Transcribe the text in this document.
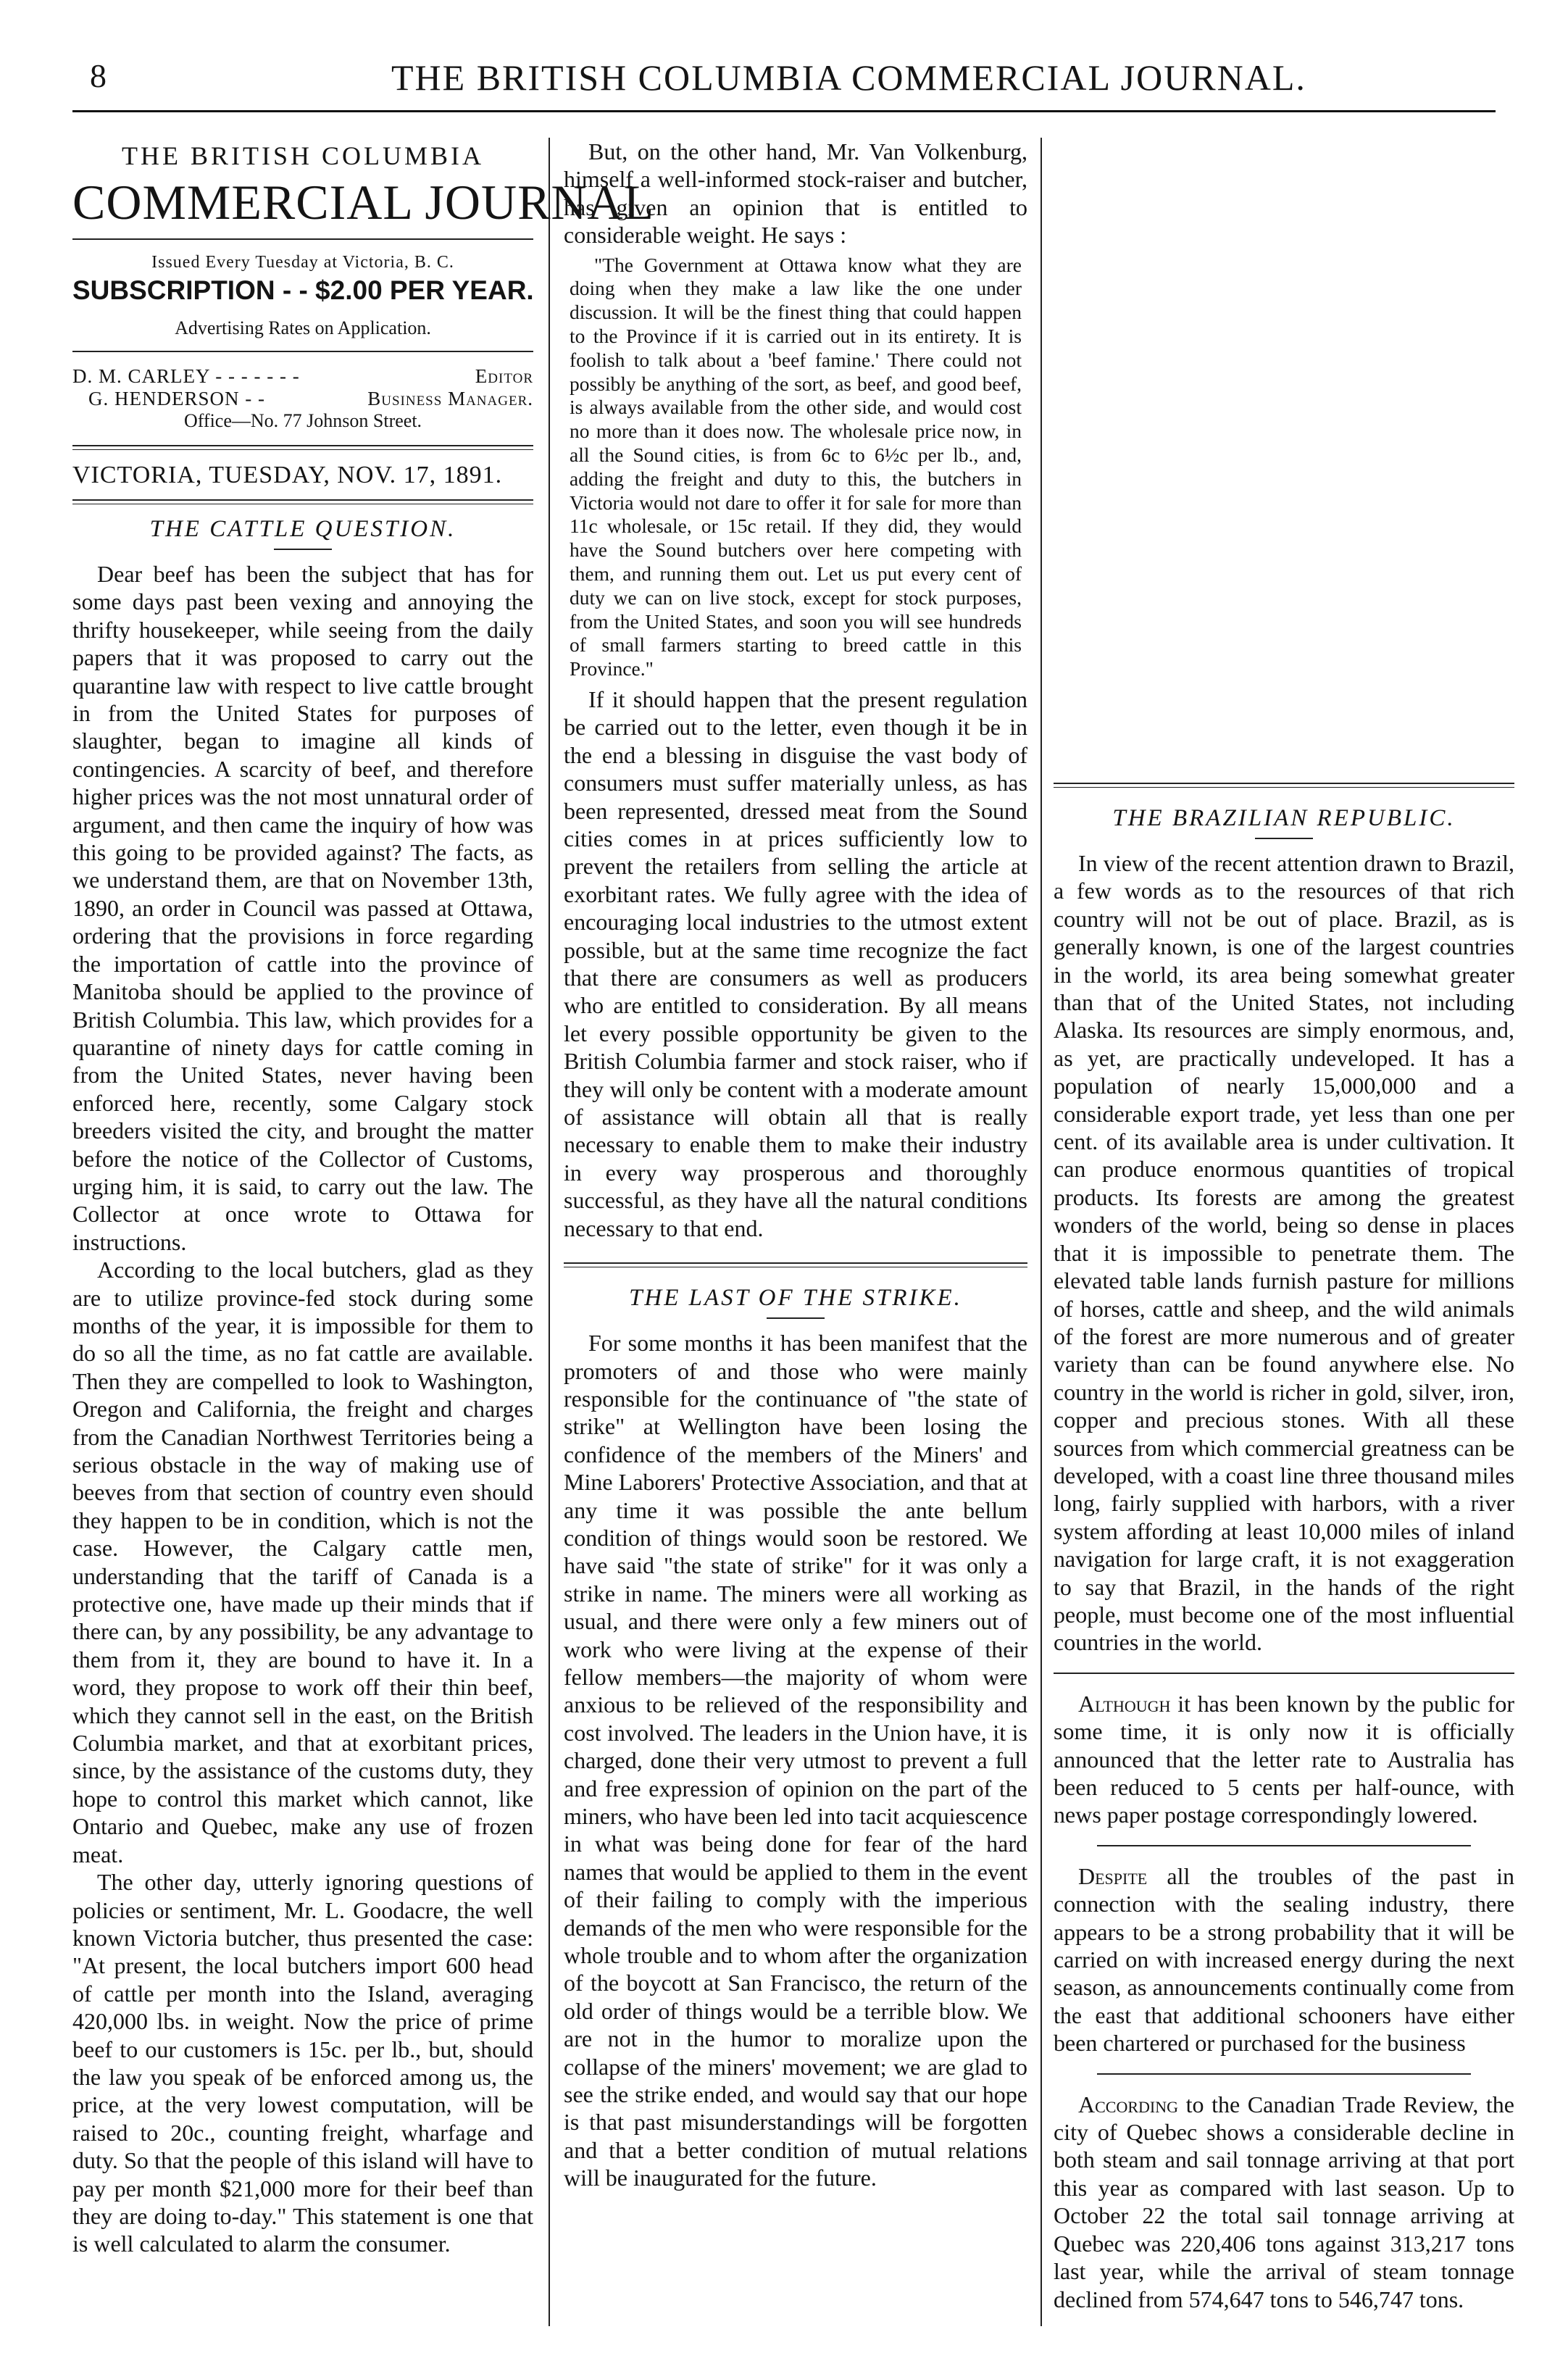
8	THE BRITISH COLUMBIA COMMERCIAL JOURNAL.

THE BRITISH COLUMBIA

COMMERCIAL JOURNAL

Issued Every Tuesday at Victoria, B. C.

SUBSCRIPTION - - $2.00 PER YEAR.

Advertising Rates on Application.

D. M. CARLEY - - - - - - -	Editor

G. HENDERSON - -	Business Manager.

Office—No. 77 Johnson Street.

VICTORIA, TUESDAY, NOV. 17, 1891.

THE CATTLE QUESTION.

Dear beef has been the subject that has for some days past been vexing and annoying the thrifty housekeeper, while seeing from the daily papers that it was proposed to carry out the quarantine law with respect to live cattle brought in from the United States for purposes of slaughter, began to imagine all kinds of contingencies. A scarcity of beef, and therefore higher prices was the not most unnatural order of argument, and then came the inquiry of how was this going to be provided against? The facts, as we understand them, are that on November 13th, 1890, an order in Council was passed at Ottawa, ordering that the provisions in force regarding the importation of cattle into the province of Manitoba should be applied to the province of British Columbia. This law, which provides for a quarantine of ninety days for cattle coming in from the United States, never having been enforced here, recently, some Calgary stock breeders visited the city, and brought the matter before the notice of the Collector of Customs, urging him, it is said, to carry out the law. The Collector at once wrote to Ottawa for instructions.

According to the local butchers, glad as they are to utilize province-fed stock during some months of the year, it is impossible for them to do so all the time, as no fat cattle are available. Then they are compelled to look to Washington, Oregon and California, the freight and charges from the Canadian Northwest Territories being a serious obstacle in the way of making use of beeves from that section of country even should they happen to be in condition, which is not the case. However, the Calgary cattle men, understanding that the tariff of Canada is a protective one, have made up their minds that if there can, by any possibility, be any advantage to them from it, they are bound to have it. In a word, they propose to work off their thin beef, which they cannot sell in the east, on the British Columbia market, and that at exorbitant prices, since, by the assistance of the customs duty, they hope to control this market which cannot, like Ontario and Quebec, make any use of frozen meat.

The other day, utterly ignoring questions of policies or sentiment, Mr. L. Goodacre, the well known Victoria butcher, thus presented the case: "At present, the local butchers import 600 head of cattle per month into the Island, averaging 420,000 lbs. in weight. Now the price of prime beef to our customers is 15c. per lb., but, should the law you speak of be enforced among us, the price, at the very lowest computation, will be raised to 20c., counting freight, wharfage and duty. So that the people of this island will have to pay per month $21,000 more for their beef than they are doing to-day." This statement is one that is well calculated to alarm the consumer.

But, on the other hand, Mr. Van Volkenburg, himself a well-informed stock-raiser and butcher, has given an opinion that is entitled to considerable weight. He says :

"The Government at Ottawa know what they are doing when they make a law like the one under discussion. It will be the finest thing that could happen to the Province if it is carried out in its entirety. It is foolish to talk about a 'beef famine.' There could not possibly be anything of the sort, as beef, and good beef, is always available from the other side, and would cost no more than it does now. The wholesale price now, in all the Sound cities, is from 6c to 6½c per lb., and, adding the freight and duty to this, the butchers in Victoria would not dare to offer it for sale for more than 11c wholesale, or 15c retail. If they did, they would have the Sound butchers over here competing with them, and running them out. Let us put every cent of duty we can on live stock, except for stock purposes, from the United States, and soon you will see hundreds of small farmers starting to breed cattle in this Province."

If it should happen that the present regulation be carried out to the letter, even though it be in the end a blessing in disguise the vast body of consumers must suffer materially unless, as has been represented, dressed meat from the Sound cities comes in at prices sufficiently low to prevent the retailers from selling the article at exorbitant rates. We fully agree with the idea of encouraging local industries to the utmost extent possible, but at the same time recognize the fact that there are consumers as well as producers who are entitled to consideration. By all means let every possible opportunity be given to the British Columbia farmer and stock raiser, who if they will only be content with a moderate amount of assistance will obtain all that is really necessary to enable them to make their industry in every way prosperous and thoroughly successful, as they have all the natural conditions necessary to that end.

THE LAST OF THE STRIKE.

For some months it has been manifest that the promoters of and those who were mainly responsible for the continuance of "the state of strike" at Wellington have been losing the confidence of the members of the Miners' and Mine Laborers' Protective Association, and that at any time it was possible the ante bellum condition of things would soon be restored. We have said "the state of strike" for it was only a strike in name. The miners were all working as usual, and there were only a few miners out of work who were living at the expense of their fellow members—the majority of whom were anxious to be relieved of the responsibility and cost involved. The leaders in the Union have, it is charged, done their very utmost to prevent a full and free expression of opinion on the part of the miners, who have been led into tacit acquiescence in what was being done for fear of the hard names that would be applied to them in the event of their failing to comply with the imperious demands of the men who were responsible for the whole trouble and to whom after the organization of the boycott at San Francisco, the return of the old order of things would be a terrible blow. We are not in the humor to moralize upon the collapse of the miners' movement; we are glad to see the strike ended, and would say that our hope is that past misunderstandings will be forgotten and that a better condition of mutual relations will be inaugurated for the future.

THE BRAZILIAN REPUBLIC.

In view of the recent attention drawn to Brazil, a few words as to the resources of that rich country will not be out of place. Brazil, as is generally known, is one of the largest countries in the world, its area being somewhat greater than that of the United States, not including Alaska. Its resources are simply enormous, and, as yet, are practically undeveloped. It has a population of nearly 15,000,000 and a considerable export trade, yet less than one per cent. of its available area is under cultivation. It can produce enormous quantities of tropical products. Its forests are among the greatest wonders of the world, being so dense in places that it is impossible to penetrate them. The elevated table lands furnish pasture for millions of horses, cattle and sheep, and the wild animals of the forest are more numerous and of greater variety than can be found anywhere else. No country in the world is richer in gold, silver, iron, copper and precious stones. With all these sources from which commercial greatness can be developed, with a coast line three thousand miles long, fairly supplied with harbors, with a river system affording at least 10,000 miles of inland navigation for large craft, it is not exaggeration to say that Brazil, in the hands of the right people, must become one of the most influential countries in the world.

Although it has been known by the public for some time, it is only now it is officially announced that the letter rate to Australia has been reduced to 5 cents per half-ounce, with news paper postage correspondingly lowered.

Despite all the troubles of the past in connection with the sealing industry, there appears to be a strong probability that it will be carried on with increased energy during the next season, as announcements continually come from the east that additional schooners have either been chartered or purchased for the business

According to the Canadian Trade Review, the city of Quebec shows a considerable decline in both steam and sail tonnage arriving at that port this year as compared with last season. Up to October 22 the total sail tonnage arriving at Quebec was 220,406 tons against 313,217 tons last year, while the arrival of steam tonnage declined from 574,647 tons to 546,747 tons.
